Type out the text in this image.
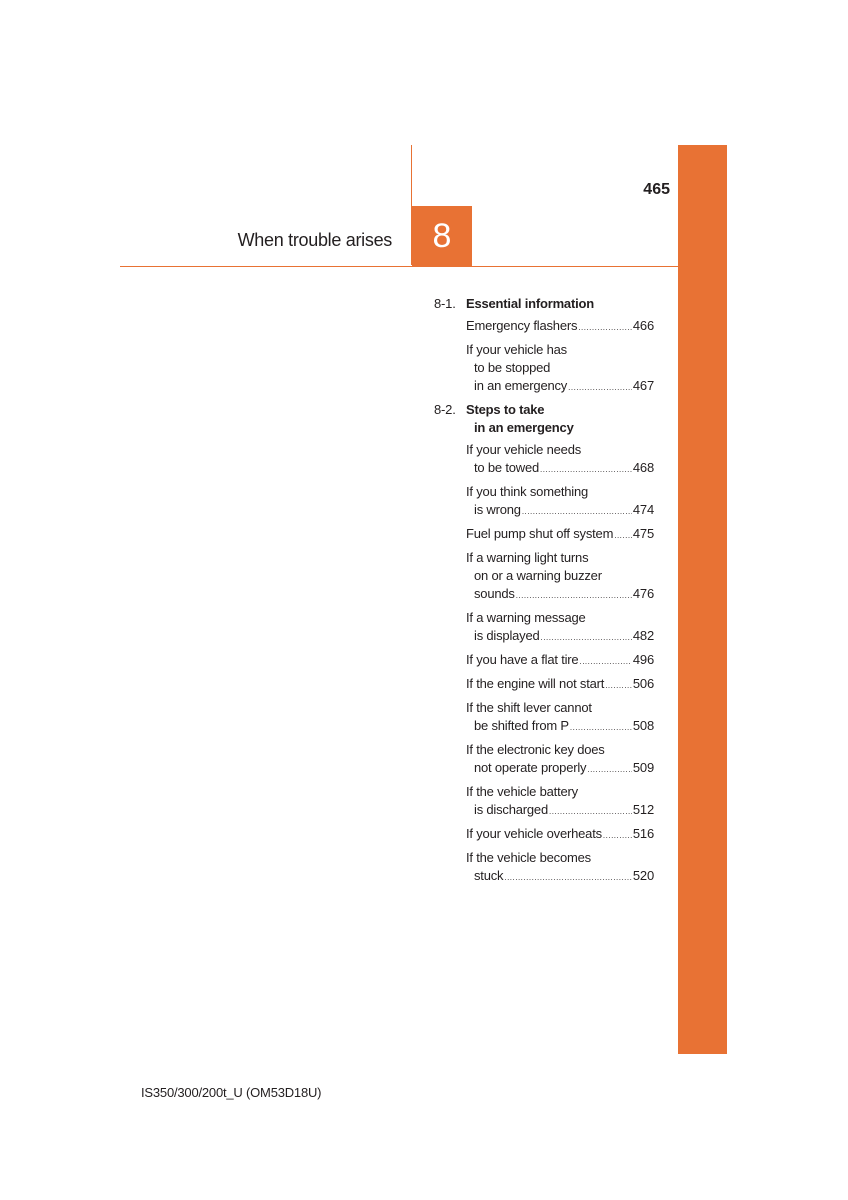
465
When trouble arises	8
8-1. Essential information
Emergency flashers .....	466
If your vehicle has
to be stopped
in an emergency .....	467
8-2. Steps to take
in an emergency
If your vehicle needs
to be towed .....	468
If you think something
is wrong .....	474
Fuel pump shut off system ..... 475
If a warning light turns
on or a warning buzzer
sounds .....	476
If a warning message
is displayed .....	482
If you have a flat tire .....	496
If the engine will not start ..... 506
If the shift lever cannot
be shifted from P .....	508
If the electronic key does
not operate properly .....	509
If the vehicle battery
is discharged .....	512
If your vehicle overheats ..... 516
If the vehicle becomes
stuck .....	520
IS350/300/200t_U (OM53D18U)
